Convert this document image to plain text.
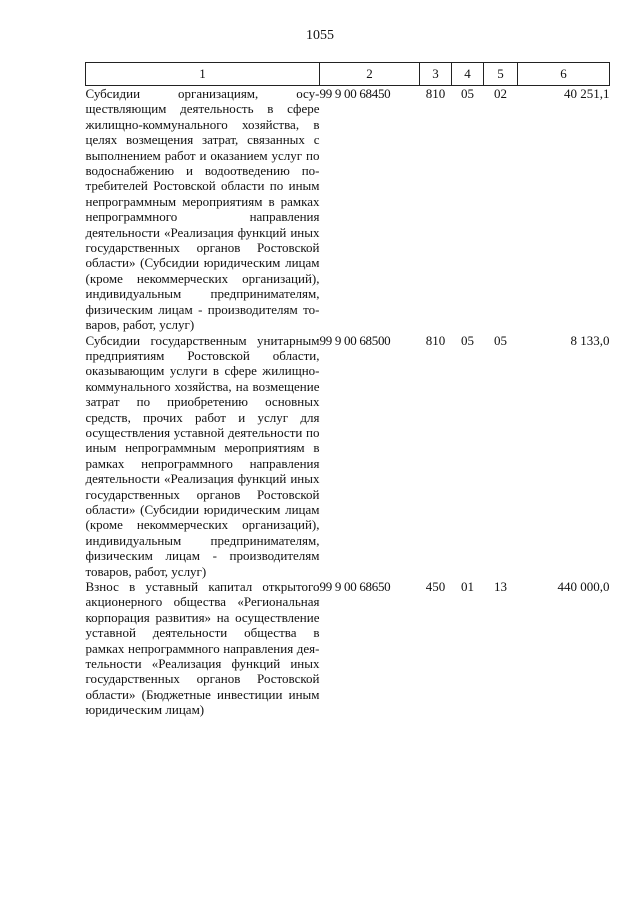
1055
1	2	3	4	5	6
Субсидии организациям, осуществляющим деятельность в сфере жилищно-коммунального хозяйства, в целях возмещения затрат, связанных с выполнением работ и оказанием услуг по водоснабжению и водоотведению потребителей Ростовской области по иным непрограммным мероприятиям в рамках непрограммного направления деятельности «Реализация функций иных государственных органов Ростовской области» (Субсидии юридическим лицам (кроме некоммерческих организаций), индивидуальным предпринимателям, физическим лицам - производителям товаров, работ, услуг)	99 9 00 68450	810	05	02	40 251,1
Субсидии государственным унитарным предприятиям Ростовской области, оказывающим услуги в сфере жилищно-коммунального хозяйства, на возмещение затрат по приобретению основных средств, прочих работ и услуг для осуществления уставной деятельности по иным непрограммным мероприятиям в рамках непрограммного направления деятельности «Реализация функций иных государственных органов Ростовской области» (Субсидии юридическим лицам (кроме некоммерческих организаций), индивидуальным предпринимателям, физическим лицам - производителям товаров, работ, услуг)	99 9 00 68500	810	05	05	8 133,0
Взнос в уставный капитал открытого акционерного общества «Региональная корпорация развития» на осуществление уставной деятельности общества в рамках непрограммного направления деятельности «Реализация функций иных государственных органов Ростовской области» (Бюджетные инвестиции иным юридическим лицам)	99 9 00 68650	450	01	13	440 000,0
